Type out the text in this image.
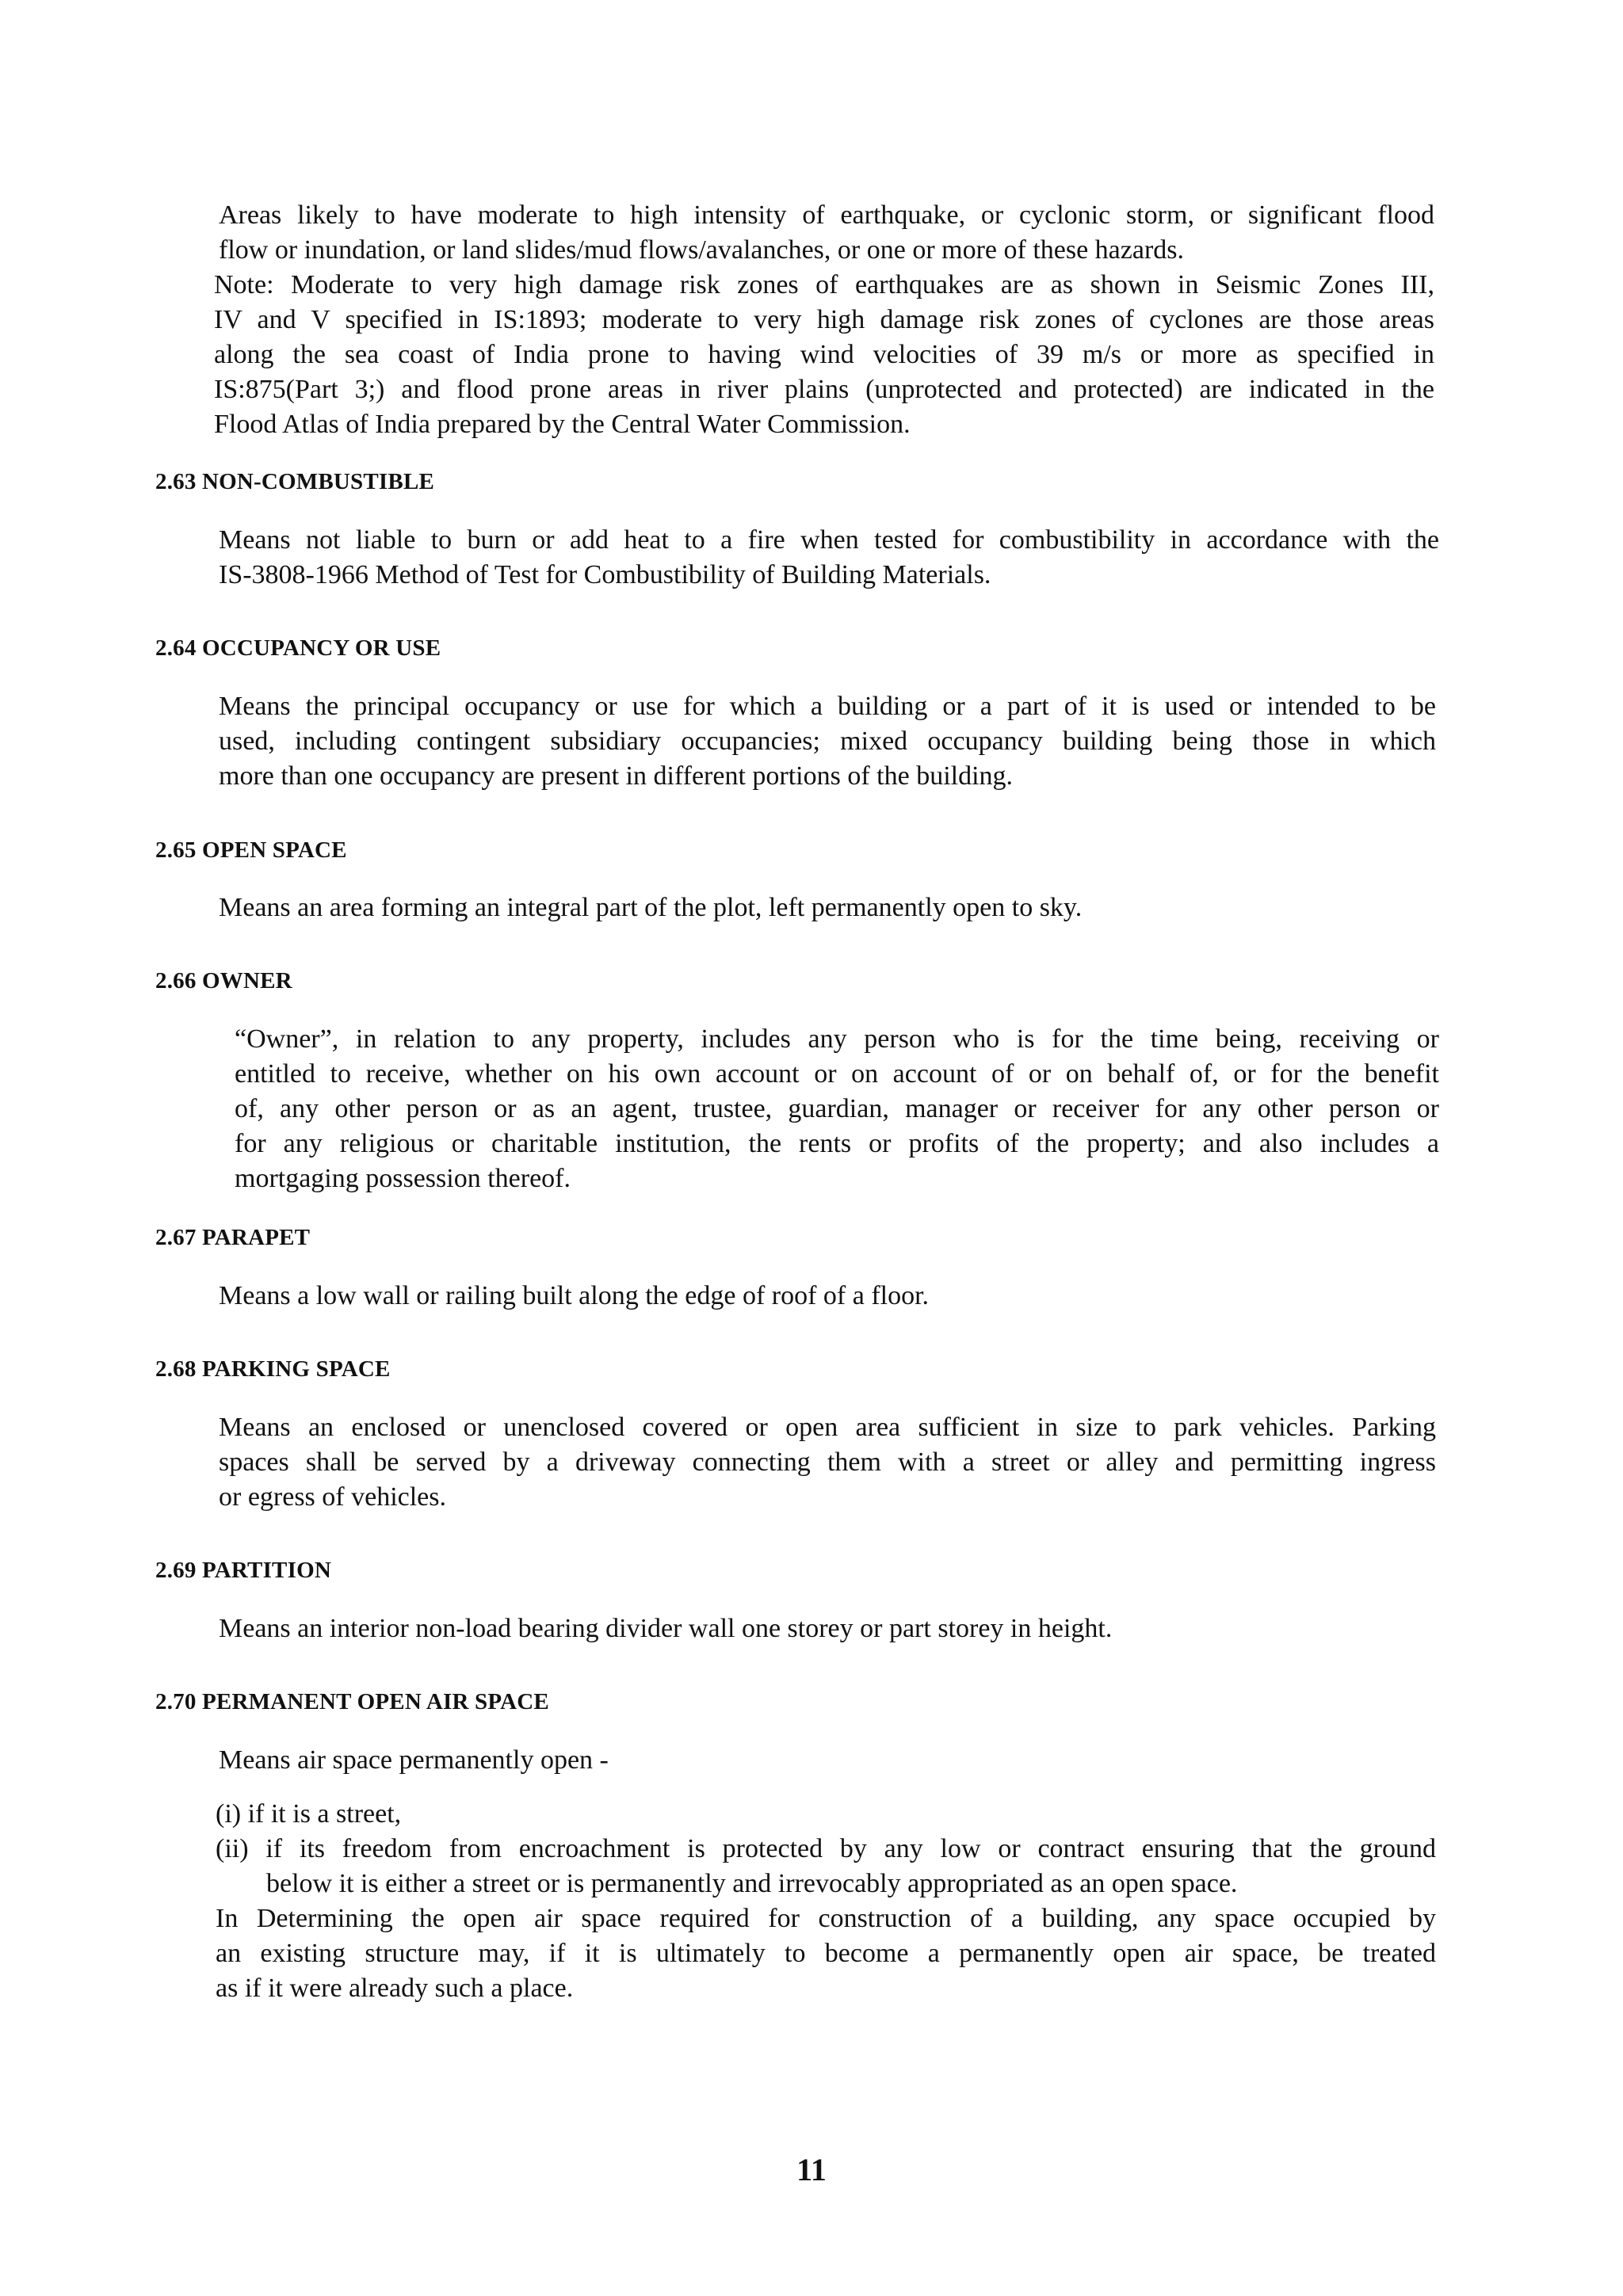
Areas likely to have moderate to high intensity of earthquake, or cyclonic storm, or significant flood
flow or inundation, or land slides/mud flows/avalanches, or one or more of these hazards.
Note: Moderate to very high damage risk zones of earthquakes are as shown in Seismic Zones III,
IV and V specified in IS:1893; moderate to very high damage risk zones of cyclones are those areas
along the sea coast of India prone to having wind velocities of 39 m/s or more as specified in
IS:875(Part 3;) and flood prone areas in river plains (unprotected and protected) are indicated in the
Flood Atlas of India prepared by the Central Water Commission.
2.63 NON-COMBUSTIBLE
Means not liable to burn or add heat to a fire when tested for combustibility in accordance with the
IS-3808-1966 Method of Test for Combustibility of Building Materials.
2.64 OCCUPANCY OR USE
Means the principal occupancy or use for which a building or a part of it is used or intended to be
used, including contingent subsidiary occupancies; mixed occupancy building being those in which
more than one occupancy are present in different portions of the building.
2.65 OPEN SPACE
Means an area forming an integral part of the plot, left permanently open to sky.
2.66 OWNER
“Owner”, in relation to any property, includes any person who is for the time being, receiving or
entitled to receive, whether on his own account or on account of or on behalf of, or for the benefit
of, any other person or as an agent, trustee, guardian, manager or receiver for any other person or
for any religious or charitable institution, the rents or profits of the property; and also includes a
mortgaging possession thereof.
2.67 PARAPET
Means a low wall or railing built along the edge of roof of a floor.
2.68 PARKING SPACE
Means an enclosed or unenclosed covered or open area sufficient in size to park vehicles. Parking
spaces shall be served by a driveway connecting them with a street or alley and permitting ingress
or egress of vehicles.
2.69 PARTITION
Means an interior non-load bearing divider wall one storey or part storey in height.
2.70 PERMANENT OPEN AIR SPACE
Means air space permanently open -
(i) if it is a street,
(ii) if its freedom from encroachment is protected by any low or contract ensuring that the ground
below it is either a street or is permanently and irrevocably appropriated as an open space.
In Determining the open air space required for construction of a building, any space occupied by
an existing structure may, if it is ultimately to become a permanently open air space, be treated
as if it were already such a place.
11
